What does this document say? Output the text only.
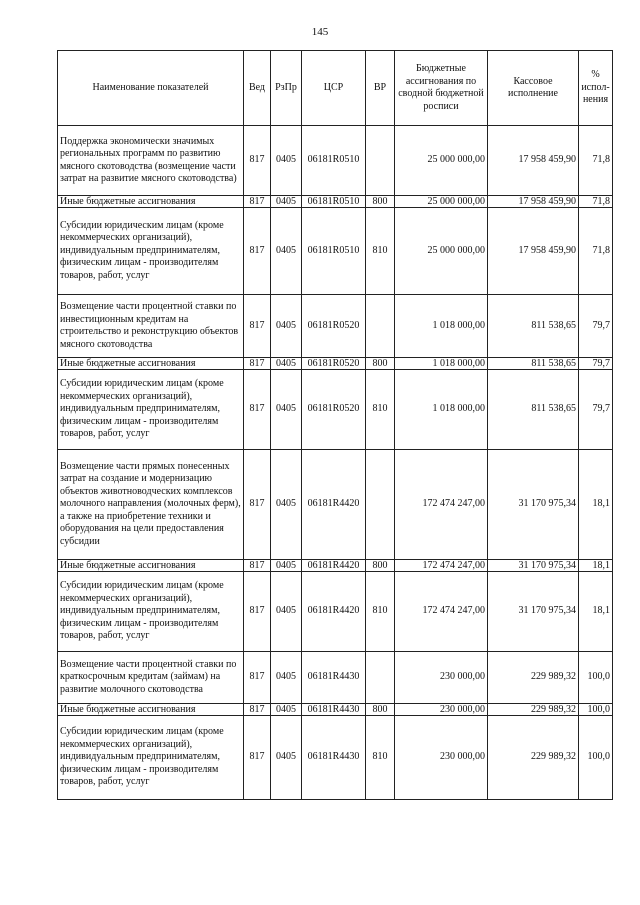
145
Наименование показателей	Вед	РзПр	ЦСР	ВР	Бюджетные ассигнования по сводной бюджетной росписи	Кассовое исполнение	% испол-нения
Поддержка экономически значимых региональных программ по развитию мясного скотоводства (возмещение части затрат на развитие мясного скотоводства)	817	0405	06181R0510		25 000 000,00	17 958 459,90	71,8
Иные бюджетные ассигнования	817	0405	06181R0510	800	25 000 000,00	17 958 459,90	71,8
Субсидии юридическим лицам (кроме некоммерческих организаций), индивидуальным предпринимателям, физическим лицам - производителям товаров, работ, услуг	817	0405	06181R0510	810	25 000 000,00	17 958 459,90	71,8
Возмещение части процентной ставки по инвестиционным кредитам на строительство и реконструкцию объектов мясного скотоводства	817	0405	06181R0520		1 018 000,00	811 538,65	79,7
Иные бюджетные ассигнования	817	0405	06181R0520	800	1 018 000,00	811 538,65	79,7
Субсидии юридическим лицам (кроме некоммерческих организаций), индивидуальным предпринимателям, физическим лицам - производителям товаров, работ, услуг	817	0405	06181R0520	810	1 018 000,00	811 538,65	79,7
Возмещение части прямых понесенных затрат на создание и модернизацию объектов животноводческих комплексов молочного направления (молочных ферм), а также на приобретение техники и оборудования на цели предоставления субсидии	817	0405	06181R4420		172 474 247,00	31 170 975,34	18,1
Иные бюджетные ассигнования	817	0405	06181R4420	800	172 474 247,00	31 170 975,34	18,1
Субсидии юридическим лицам (кроме некоммерческих организаций), индивидуальным предпринимателям, физическим лицам - производителям товаров, работ, услуг	817	0405	06181R4420	810	172 474 247,00	31 170 975,34	18,1
Возмещение части процентной ставки по краткосрочным кредитам (займам) на развитие молочного скотоводства	817	0405	06181R4430		230 000,00	229 989,32	100,0
Иные бюджетные ассигнования	817	0405	06181R4430	800	230 000,00	229 989,32	100,0
Субсидии юридическим лицам (кроме некоммерческих организаций), индивидуальным предпринимателям, физическим лицам - производителям товаров, работ, услуг	817	0405	06181R4430	810	230 000,00	229 989,32	100,0
